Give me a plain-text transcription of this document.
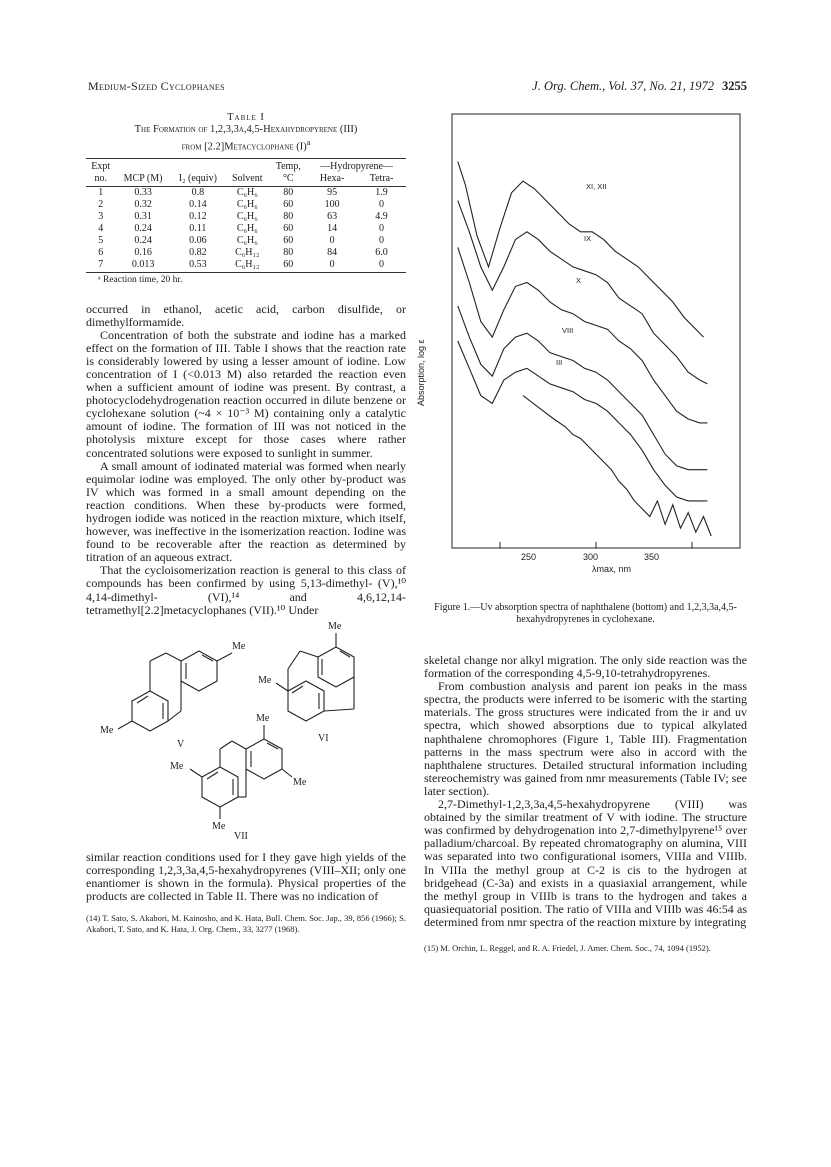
Medium-Sized Cyclophanes	J. Org. Chem., Vol. 37, No. 21, 1972 3255
Table I
The Formation of 1,2,3,3a,4,5-Hexahydropyrene (III)
from [2.2]Metacyclophane $(I)^a$
Expt				Temp,	—Hydropyrene—	
no.	MCP (M)	I₂ (equiv)	Solvent	°C	Hexa-	Tetra-
1	0.33	0.8	C₆H₆	80	95	1.9
2	0.32	0.14	C₆H₆	60	100	0
3	0.31	0.12	C₆H₆	80	63	4.9
4	0.24	0.11	C₆H₆	60	14	0
5	0.24	0.06	C₆H₆	60	0	0
6	0.16	0.82	C₆H₁₂	80	84	6.0
7	0.013	0.53	C₆H₁₂	60	0	0
ᵃ Reaction time, 20 hr.

occurred in ethanol, acetic acid, carbon disulfide, or dimethylformamide.

Concentration of both the substrate and iodine has a marked effect on the formation of III. Table I shows that the reaction rate is considerably lowered by using a lesser amount of iodine. Low concentration of I (<0.013 M) also retarded the reaction even when a sufficient amount of iodine was present. By contrast, a photocyclodehydrogenation reaction occurred in dilute benzene or cyclohexane solution (~4 × 10⁻³ M) containing only a catalytic amount of iodine. The formation of III was not noticed in the photolysis mixture except for those cases where rather concentrated solutions were exposed to sunlight in summer.

A small amount of iodinated material was formed when nearly equimolar iodine was employed. The only other by-product was IV which was formed in a small amount depending on the reaction conditions. When these by-products were formed, hydrogen iodide was noticed in the reaction mixture, which itself, however, was ineffective in the isomerization reaction. Iodine was found to be recoverable after the reaction as determined by titration of an aqueous extract.

That the cycloisomerization reaction is general to this class of compounds has been confirmed by using 5,13-dimethyl- (V),¹⁰ 4,14-dimethyl- (VI),¹⁴ and 4,6,12,14-tetramethyl[2.2]metacyclophanes (VII).¹⁰ Under

Me
Me
V
Me
Me
VI
Me
Me
Me
Me
VII

similar reaction conditions used for I they gave high yields of the corresponding 1,2,3,3a,4,5-hexahydropyrenes (VIII–XII; only one enantiomer is shown in the formula). Physical properties of the products are collected in Table II. There was no indication of

(14) T. Sato, S. Akabori, M. Kainosho, and K. Hata, Bull. Chem. Soc. Jap., 39, 856 (1966); S. Akabori, T. Sato, and K. Hata, J. Org. Chem., 33, 3277 (1968).
Absorption, log ε
250	300	350
λmax, nm
XI, XII
IX
X
VIII
III
Figure 1.—Uv absorption spectra of naphthalene (bottom) and 1,2,3,3a,4,5-hexahydropyrenes in cyclohexane.

skeletal change nor alkyl migration. The only side reaction was the formation of the corresponding 4,5-9,10-tetrahydropyrenes.

From combustion analysis and parent ion peaks in the mass spectra, the products were inferred to be isomeric with the starting materials. The gross structures were indicated from the ir and uv spectra, which showed absorptions due to typical alkylated naphthalene chromophores (Figure 1, Table III). Fragmentation patterns in the mass spectrum were also in accord with the naphthalene structures. Detailed structural information including stereochemistry was gained from nmr measurements (Table IV; see later section).

2,7-Dimethyl-1,2,3,3a,4,5-hexahydropyrene (VIII) was obtained by the similar treatment of V with iodine. The structure was confirmed by dehydrogenation into 2,7-dimethylpyrene¹⁵ over palladium/charcoal. By repeated chromatography on alumina, VIII was separated into two configurational isomers, VIIIa and VIIIb. In VIIIa the methyl group at C-2 is cis to the hydrogen at bridgehead (C-3a) and exists in a quasiaxial arrangement, while the methyl group in VIIIb is trans to the hydrogen and takes a quasiequatorial position. The ratio of VIIIa and VIIIb was 46:54 as determined from nmr spectra of the reaction mixture by integrating

(15) M. Orchin, L. Reggel, and R. A. Friedel, J. Amer. Chem. Soc., 74, 1094 (1952).
